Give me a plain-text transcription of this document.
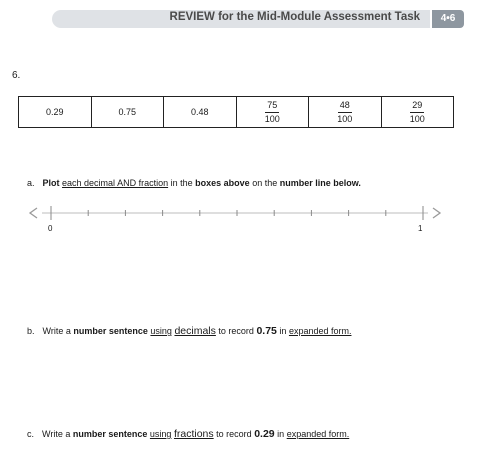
REVIEW for the Mid-Module Assessment Task	4•6
6.
0.29	0.75	0.48	$\frac{75}{100}$	$\frac{48}{100}$	$\frac{29}{100}$
a. Plot each decimal AND fraction in the boxes above on the number line below.
0	1
b. Write a number sentence using decimals to record 0.75 in expanded form.
c. Write a number sentence using fractions to record 0.29 in expanded form.
